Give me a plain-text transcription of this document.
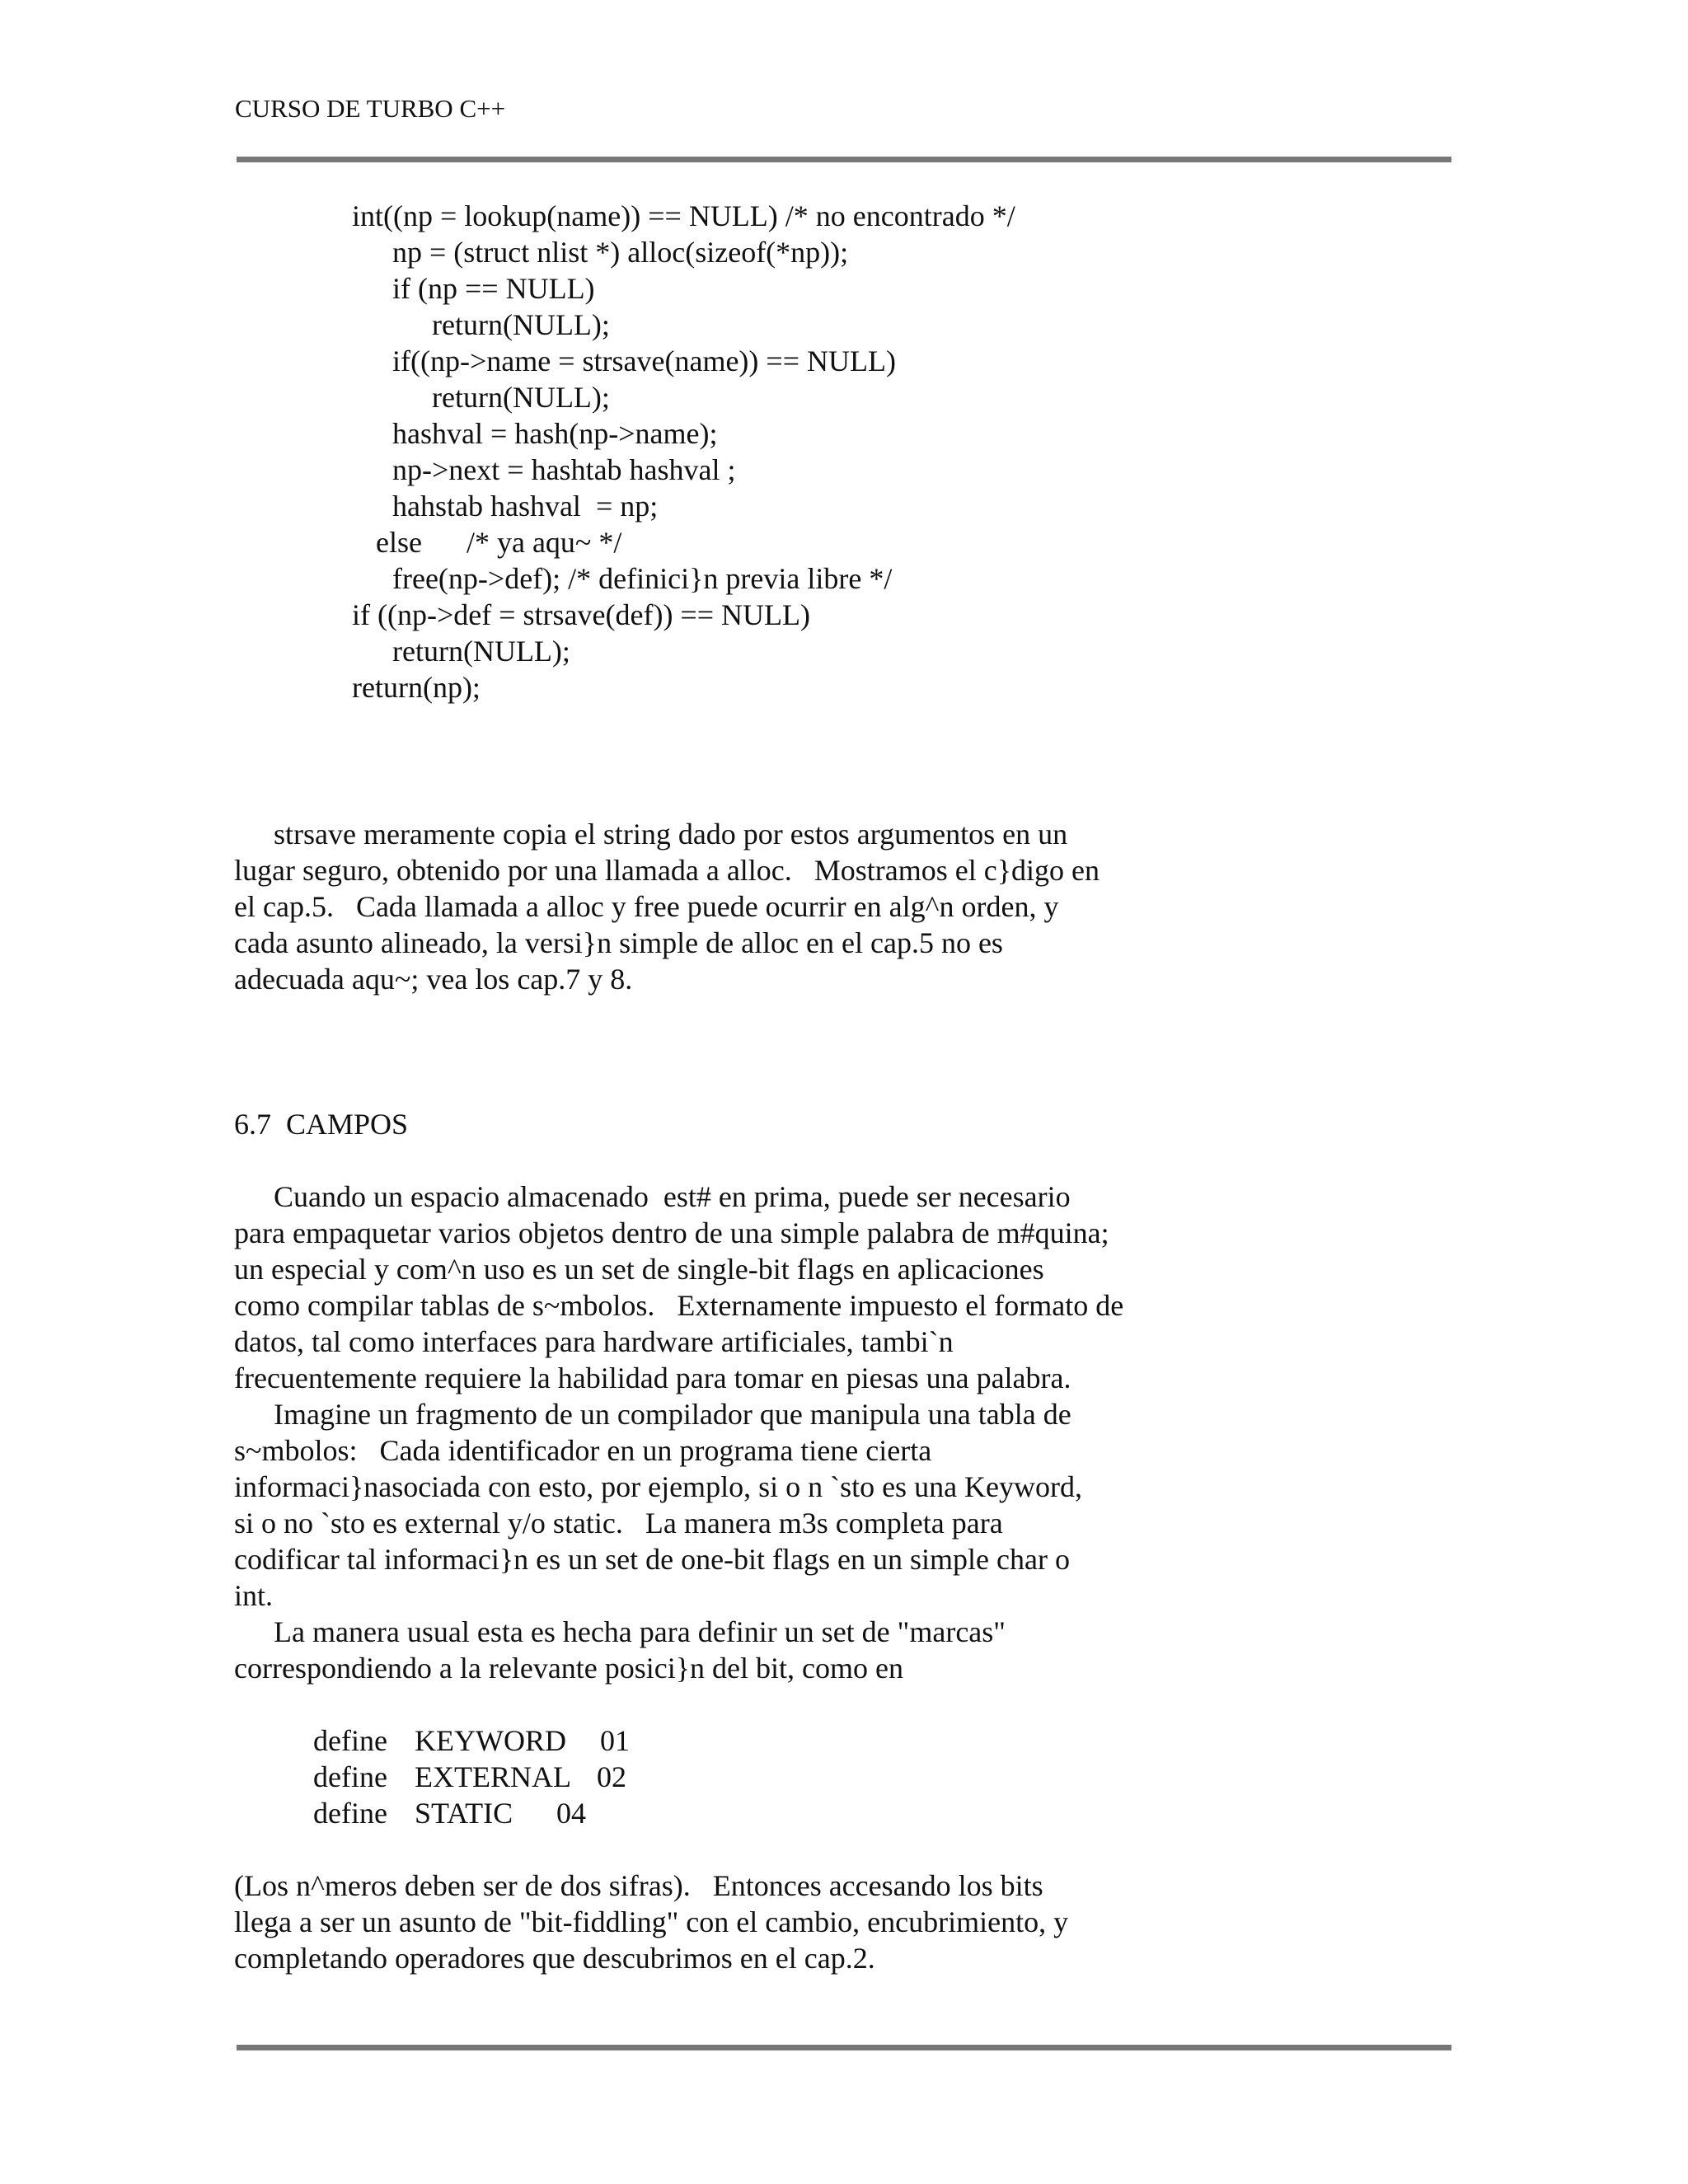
CURSO DE TURBO C++
int((np = lookup(name)) == NULL) /* no encontrado */
np = (struct nlist *) alloc(sizeof(*np));
if (np == NULL)
return(NULL);
if((np->name = strsave(name)) == NULL)
return(NULL);
hashval = hash(np->name);
np->next = hashtab hashval ;
hahstab hashval  = np;
else      /* ya aqu~ */
free(np->def); /* definici}n previa libre */
if ((np->def = strsave(def)) == NULL)
return(NULL);
return(np);
strsave meramente copia el string dado por estos argumentos en un
lugar seguro, obtenido por una llamada a alloc.   Mostramos el c}digo en
el cap.5.   Cada llamada a alloc y free puede ocurrir en alg^n orden, y
cada asunto alineado, la versi}n simple de alloc en el cap.5 no es
adecuada aqu~; vea los cap.7 y 8.
6.7  CAMPOS
Cuando un espacio almacenado  est# en prima, puede ser necesario
para empaquetar varios objetos dentro de una simple palabra de m#quina;
un especial y com^n uso es un set de single-bit flags en aplicaciones
como compilar tablas de s~mbolos.   Externamente impuesto el formato de
datos, tal como interfaces para hardware artificiales, tambi`n
frecuentemente requiere la habilidad para tomar en piesas una palabra.
Imagine un fragmento de un compilador que manipula una tabla de
s~mbolos:   Cada identificador en un programa tiene cierta
informaci}nasociada con esto, por ejemplo, si o n `sto es una Keyword,
si o no `sto es external y/o static.   La manera m3s completa para
codificar tal informaci}n es un set de one-bit flags en un simple char o
int.
La manera usual esta es hecha para definir un set de "marcas"
correspondiendo a la relevante posici}n del bit, como en
define KEYWORD 01
define EXTERNAL 02
define STATIC 04
(Los n^meros deben ser de dos sifras).   Entonces accesando los bits
llega a ser un asunto de "bit-fiddling" con el cambio, encubrimiento, y
completando operadores que descubrimos en el cap.2.
